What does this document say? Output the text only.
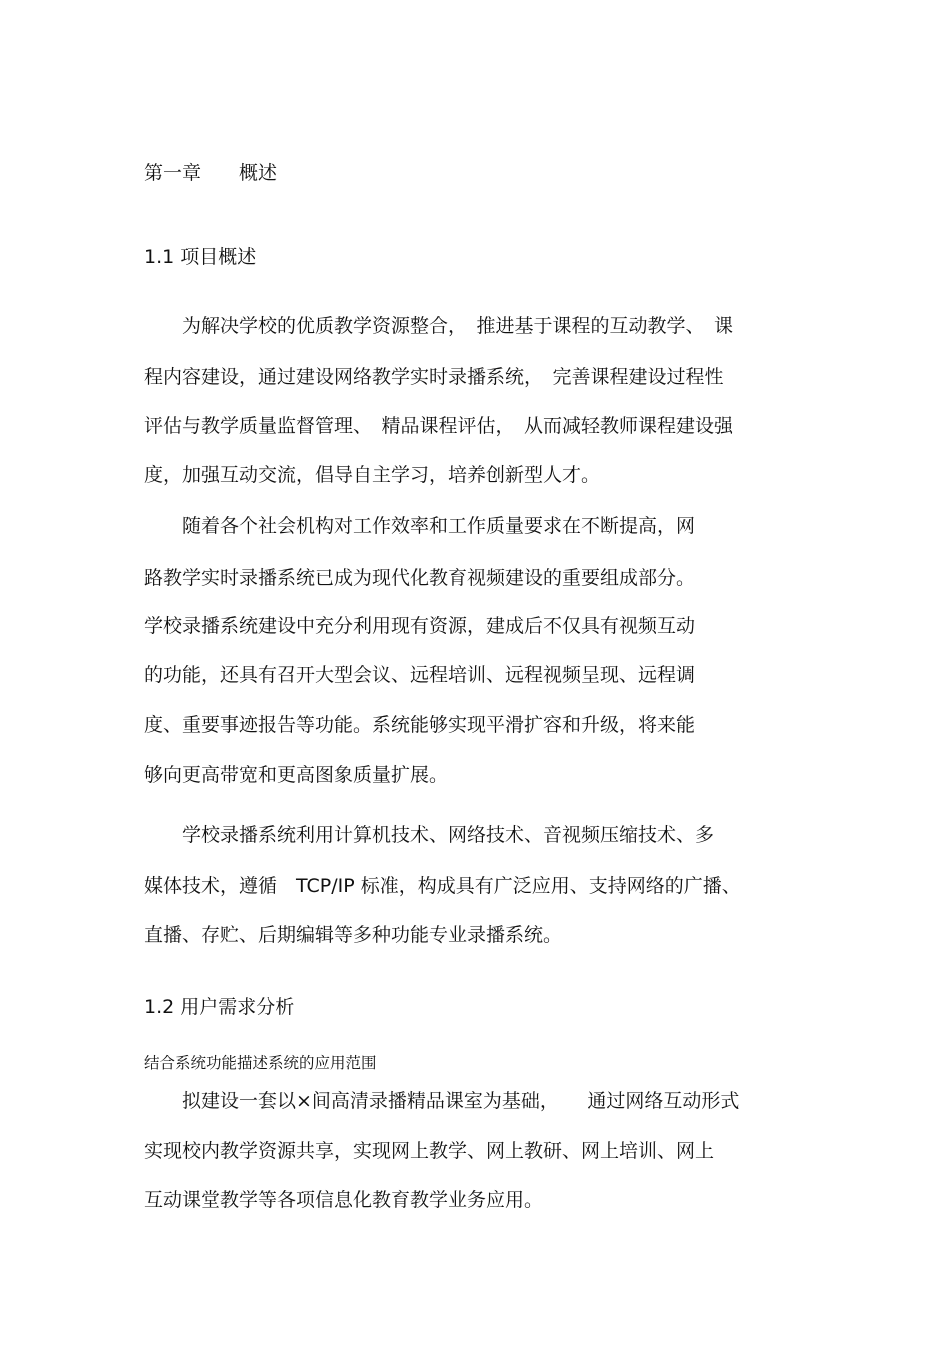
第一章　　概述
1.1 项目概述
　　为解决学校的优质教学资源整合，　推进基于课程的互动教学、　课
程内容建设，通过建设网络教学实时录播系统，　完善课程建设过程性
评估与教学质量监督管理、　精品课程评估，　从而减轻教师课程建设强
度，加强互动交流，倡导自主学习，培养创新型人才。
　　随着各个社会机构对工作效率和工作质量要求在不断提高，网
路教学实时录播系统已成为现代化教育视频建设的重要组成部分。
学校录播系统建设中充分利用现有资源，建成后不仅具有视频互动
的功能，还具有召开大型会议、远程培训、远程视频呈现、远程调
度、重要事迹报告等功能。系统能够实现平滑扩容和升级，将来能
够向更高带宽和更高图象质量扩展。
　　学校录播系统利用计算机技术、网络技术、音视频压缩技术、多
媒体技术，遵循　TCP/IP 标准，构成具有广泛应用、支持网络的广播、
直播、存贮、后期编辑等多种功能专业录播系统。
1.2 用户需求分析
结合系统功能描述系统的应用范围
　　拟建设一套以×间高清录播精品课室为基础，　　通过网络互动形式
实现校内教学资源共享，实现网上教学、网上教研、网上培训、网上
互动课堂教学等各项信息化教育教学业务应用。
